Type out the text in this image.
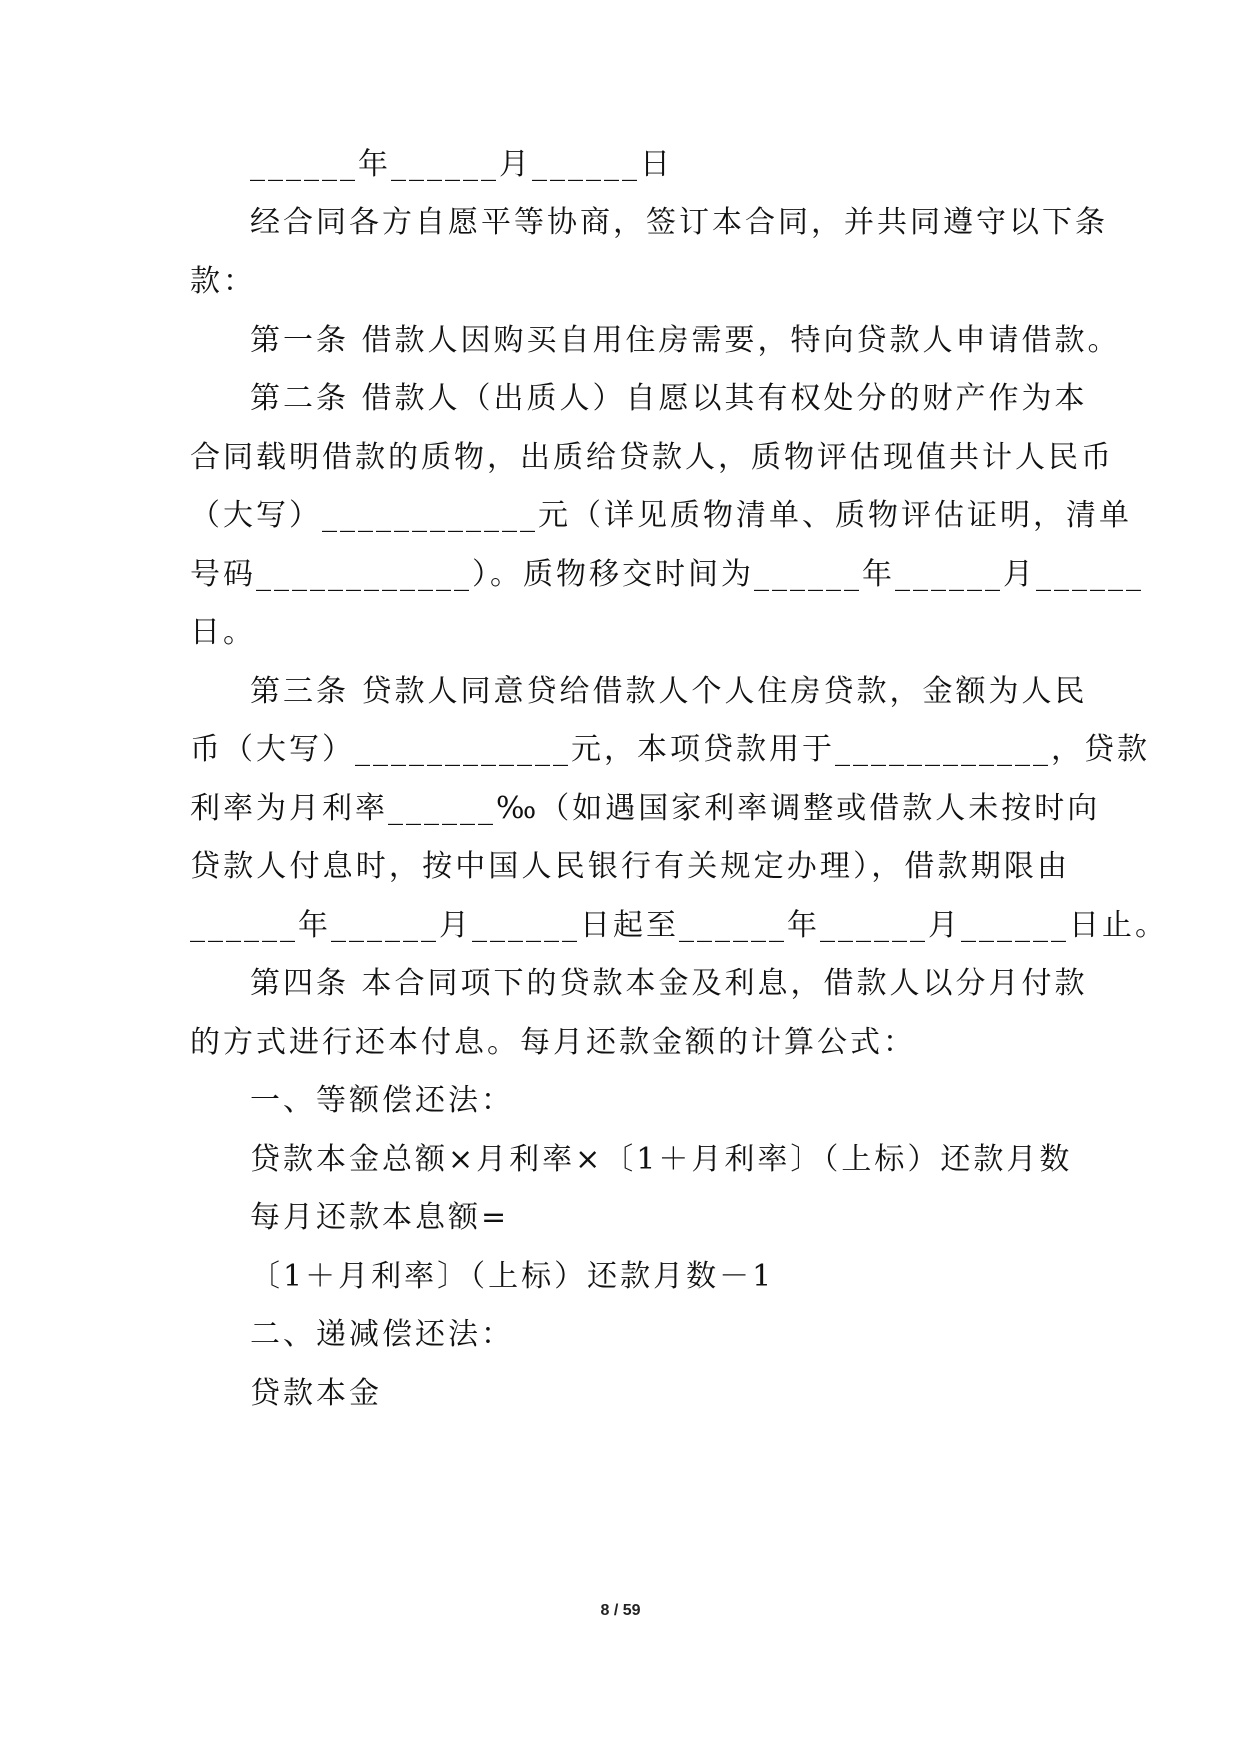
______年______月______日
经合同各方自愿平等协商，签订本合同，并共同遵守以下条
款：
第一条 借款人因购买自用住房需要，特向贷款人申请借款。
第二条 借款人（出质人）自愿以其有权处分的财产作为本
合同载明借款的质物，出质给贷款人，质物评估现值共计人民币
（大写）____________元（详见质物清单、质物评估证明，清单
号码____________）。质物移交时间为______年______月______
日。
第三条 贷款人同意贷给借款人个人住房贷款，金额为人民
币（大写）____________元，本项贷款用于____________，贷款
利率为月利率______‰（如遇国家利率调整或借款人未按时向
贷款人付息时，按中国人民银行有关规定办理），借款期限由
______年______月______日起至______年______月______日止。
第四条 本合同项下的贷款本金及利息，借款人以分月付款
的方式进行还本付息。每月还款金额的计算公式：
一、等额偿还法：
贷款本金总额×月利率×〔1＋月利率〕（上标）还款月数
每月还款本息额=
〔1＋月利率〕（上标）还款月数－1
二、递减偿还法：
贷款本金
8 / 59
